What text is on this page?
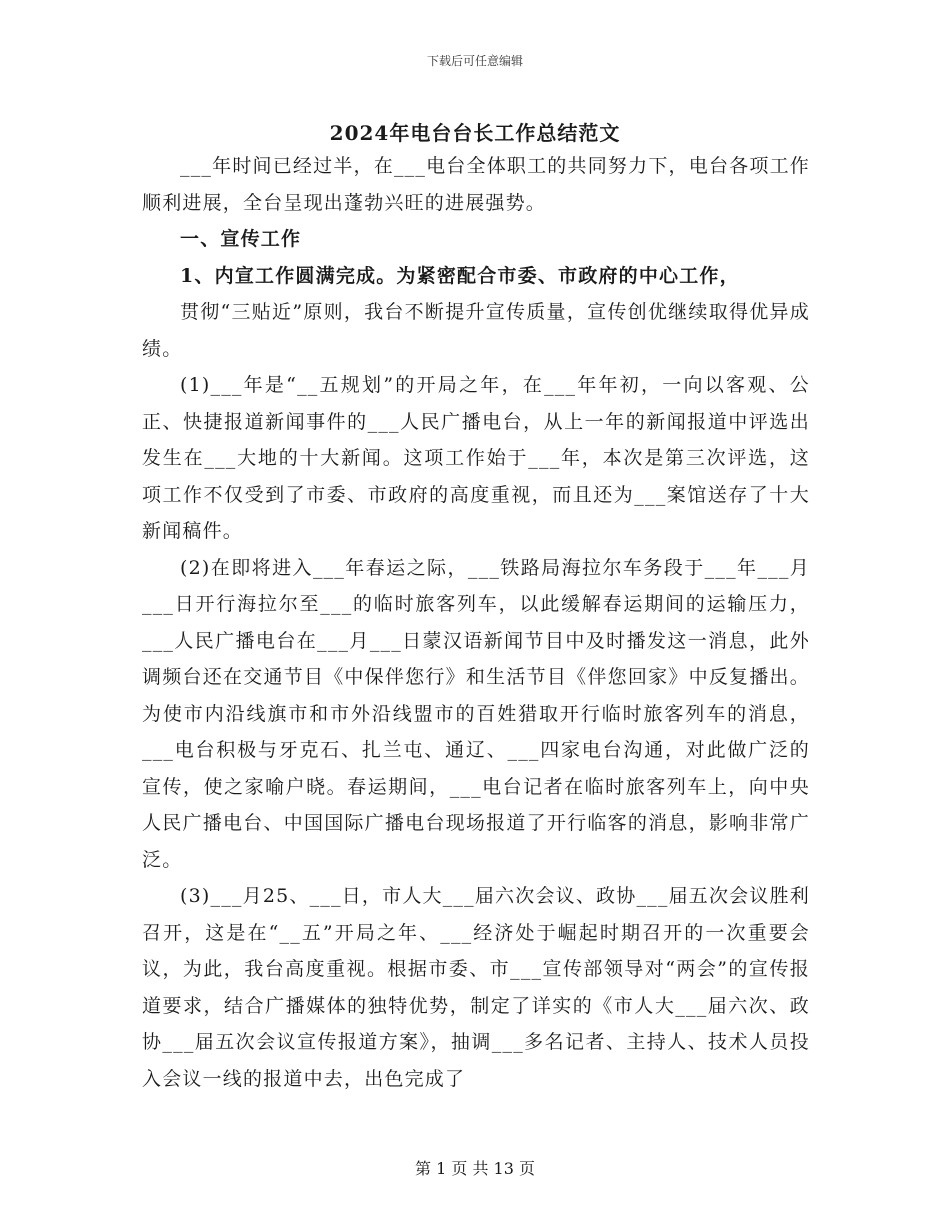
下载后可任意编辑
2024年电台台长工作总结范文

___年时间已经过半，在___电台全体职工的共同努力下，电台各项工作顺利进展，全台呈现出蓬勃兴旺的进展强势。

一、宣传工作

1、内宣工作圆满完成。为紧密配合市委、市政府的中心工作，

贯彻“三贴近”原则，我台不断提升宣传质量，宣传创优继续取得优异成绩。

(1)___年是“__五规划”的开局之年，在___年年初，一向以客观、公正、快捷报道新闻事件的___人民广播电台，从上一年的新闻报道中评选出发生在___大地的十大新闻。这项工作始于___年，本次是第三次评选，这项工作不仅受到了市委、市政府的高度重视，而且还为___案馆送存了十大新闻稿件。

(2)在即将进入___年春运之际，___铁路局海拉尔车务段于___年___月___日开行海拉尔至___的临时旅客列车，以此缓解春运期间的运输压力，___人民广播电台在___月___日蒙汉语新闻节目中及时播发这一消息，此外调频台还在交通节目《中保伴您行》和生活节目《伴您回家》中反复播出。为使市内沿线旗市和市外沿线盟市的百姓猎取开行临时旅客列车的消息，___电台积极与牙克石、扎兰屯、通辽、___四家电台沟通，对此做广泛的宣传，使之家喻户晓。春运期间，___电台记者在临时旅客列车上，向中央人民广播电台、中国国际广播电台现场报道了开行临客的消息，影响非常广泛。

(3)___月25、___日，市人大___届六次会议、政协___届五次会议胜利召开，这是在“__五”开局之年、___经济处于崛起时期召开的一次重要会议，为此，我台高度重视。根据市委、市___宣传部领导对“两会”的宣传报道要求，结合广播媒体的独特优势，制定了详实的《市人大___届六次、政协___届五次会议宣传报道方案》，抽调___多名记者、主持人、技术人员投入会议一线的报道中去，出色完成了

第 1 页 共 13 页
